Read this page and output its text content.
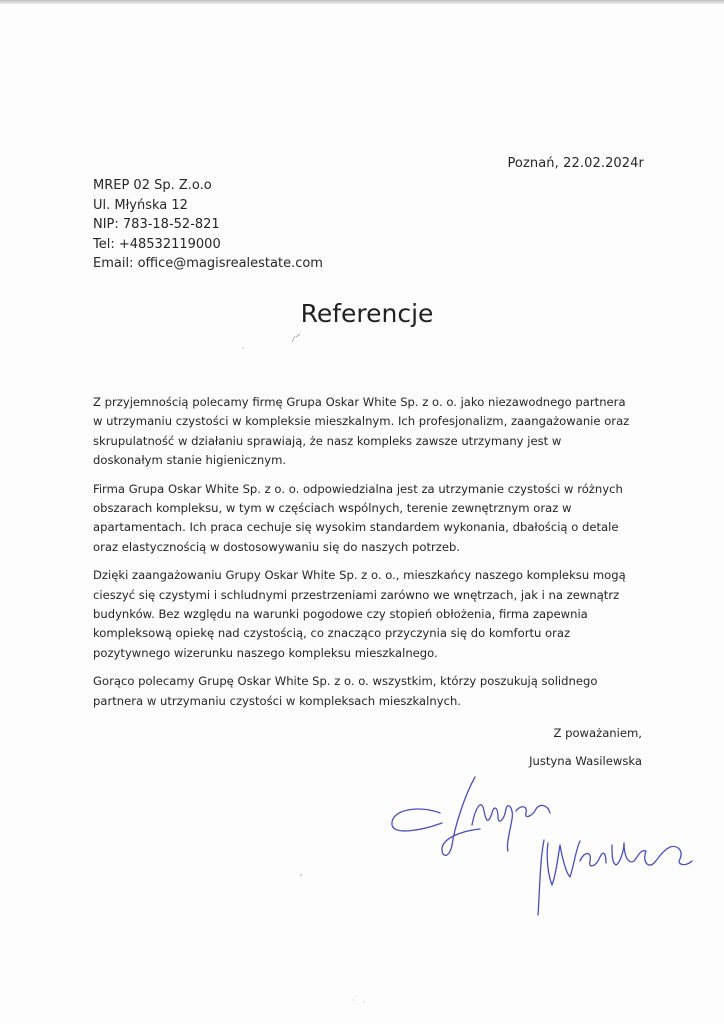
Poznań, 22.02.2024r
MREP 02 Sp. Z.o.o
Ul. Młyńska 12
NIP: 783-18-52-821
Tel: +48532119000
Email: office@magisrealestate.com
Referencje

Z przyjemnością polecamy firmę Grupa Oskar White Sp. z o. o. jako niezawodnego partnera w utrzymaniu czystości w kompleksie mieszkalnym. Ich profesjonalizm, zaangażowanie oraz skrupulatność w działaniu sprawiają, że nasz kompleks zawsze utrzymany jest w doskonałym stanie higienicznym.

Firma Grupa Oskar White Sp. z o. o. odpowiedzialna jest za utrzymanie czystości w różnych obszarach kompleksu, w tym w częściach wspólnych, terenie zewnętrznym oraz w apartamentach. Ich praca cechuje się wysokim standardem wykonania, dbałością o detale oraz elastycznością w dostosowywaniu się do naszych potrzeb.

Dzięki zaangażowaniu Grupy Oskar White Sp. z o. o., mieszkańcy naszego kompleksu mogą cieszyć się czystymi i schludnymi przestrzeniami zarówno we wnętrzach, jak i na zewnątrz budynków. Bez względu na warunki pogodowe czy stopień obłożenia, firma zapewnia kompleksową opiekę nad czystością, co znacząco przyczynia się do komfortu oraz pozytywnego wizerunku naszego kompleksu mieszkalnego.

Gorąco polecamy Grupę Oskar White Sp. z o. o. wszystkim, którzy poszukują solidnego partnera w utrzymaniu czystości w kompleksach mieszkalnych.

Z poważaniem,
Justyna Wasilewska
